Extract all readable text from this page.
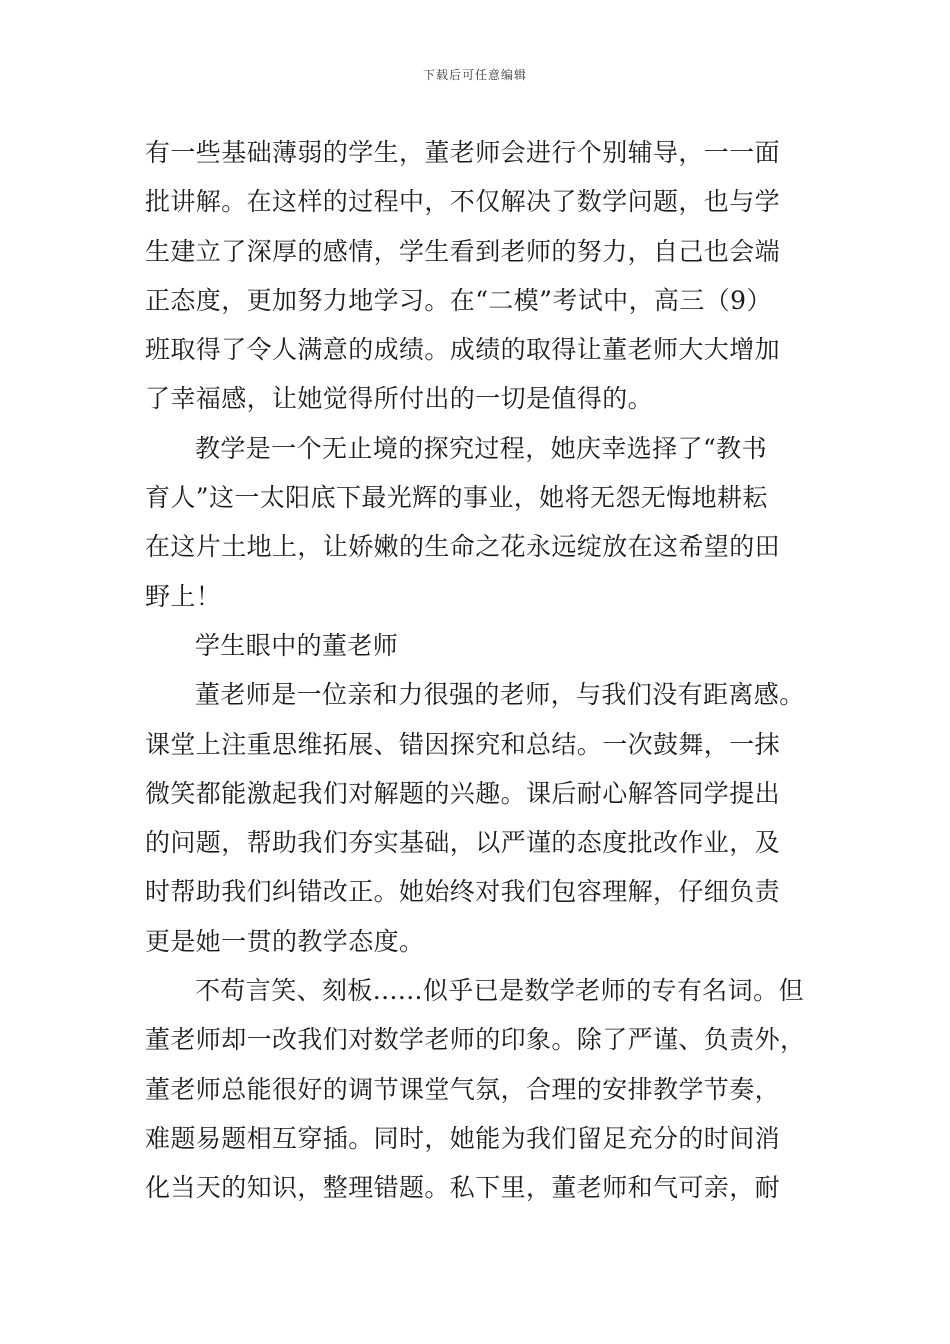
下载后可任意编辑
有一些基础薄弱的学生，董老师会进行个别辅导，一一面
批讲解。在这样的过程中，不仅解决了数学问题，也与学
生建立了深厚的感情，学生看到老师的努力，自己也会端
正态度，更加努力地学习。在“二模”考试中，高三（9）
班取得了令人满意的成绩。成绩的取得让董老师大大增加
了幸福感，让她觉得所付出的一切是值得的。
教学是一个无止境的探究过程，她庆幸选择了“教书
育人”这一太阳底下最光辉的事业，她将无怨无悔地耕耘
在这片土地上，让娇嫩的生命之花永远绽放在这希望的田
野上！
学生眼中的董老师
董老师是一位亲和力很强的老师，与我们没有距离感。
课堂上注重思维拓展、错因探究和总结。一次鼓舞，一抹
微笑都能激起我们对解题的兴趣。课后耐心解答同学提出
的问题，帮助我们夯实基础，以严谨的态度批改作业，及
时帮助我们纠错改正。她始终对我们包容理解，仔细负责
更是她一贯的教学态度。
不苟言笑、刻板......似乎已是数学老师的专有名词。但
董老师却一改我们对数学老师的印象。除了严谨、负责外，
董老师总能很好的调节课堂气氛，合理的安排教学节奏，
难题易题相互穿插。同时，她能为我们留足充分的时间消
化当天的知识，整理错题。私下里，董老师和气可亲，耐
